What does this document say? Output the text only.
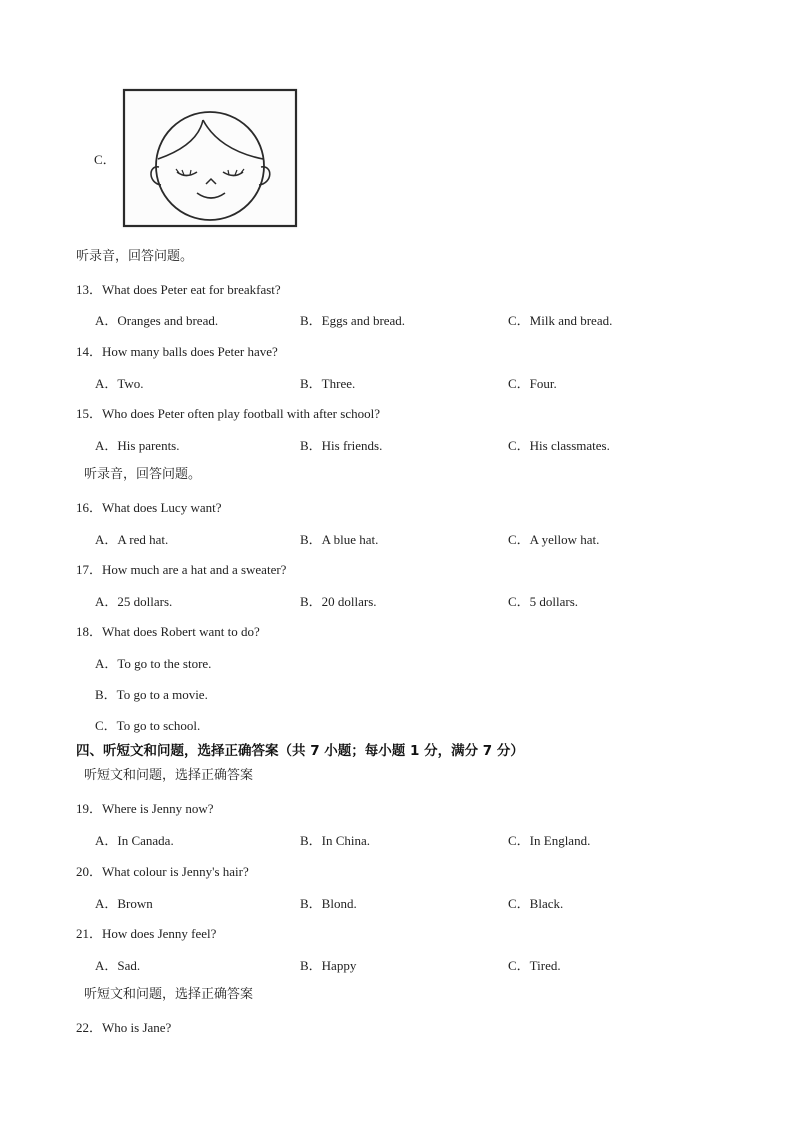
C．
听录音，回答问题。
13．What does Peter eat for breakfast?
A．Oranges and bread.	B．Eggs and bread.	C．Milk and bread.
14．How many balls does Peter have?
A．Two.	B．Three.	C．Four.
15．Who does Peter often play football with after school?
A．His parents.	B．His friends.	C．His classmates.
听录音，回答问题。
16．What does Lucy want?
A．A red hat.	B．A blue hat.	C．A yellow hat.
17．How much are a hat and a sweater?
A．25 dollars.	B．20 dollars.	C．5 dollars.
18．What does Robert want to do?
A．To go to the store.
B．To go to a movie.
C．To go to school.
四、听短文和问题，选择正确答案（共 7 小题；每小题 1 分，满分 7 分）
听短文和问题，选择正确答案
19．Where is Jenny now?
A．In Canada.	B．In China.	C．In England.
20．What colour is Jenny's hair?
A．Brown	B．Blond.	C．Black.
21．How does Jenny feel?
A．Sad.	B．Happy	C．Tired.
听短文和问题，选择正确答案
22．Who is Jane?
